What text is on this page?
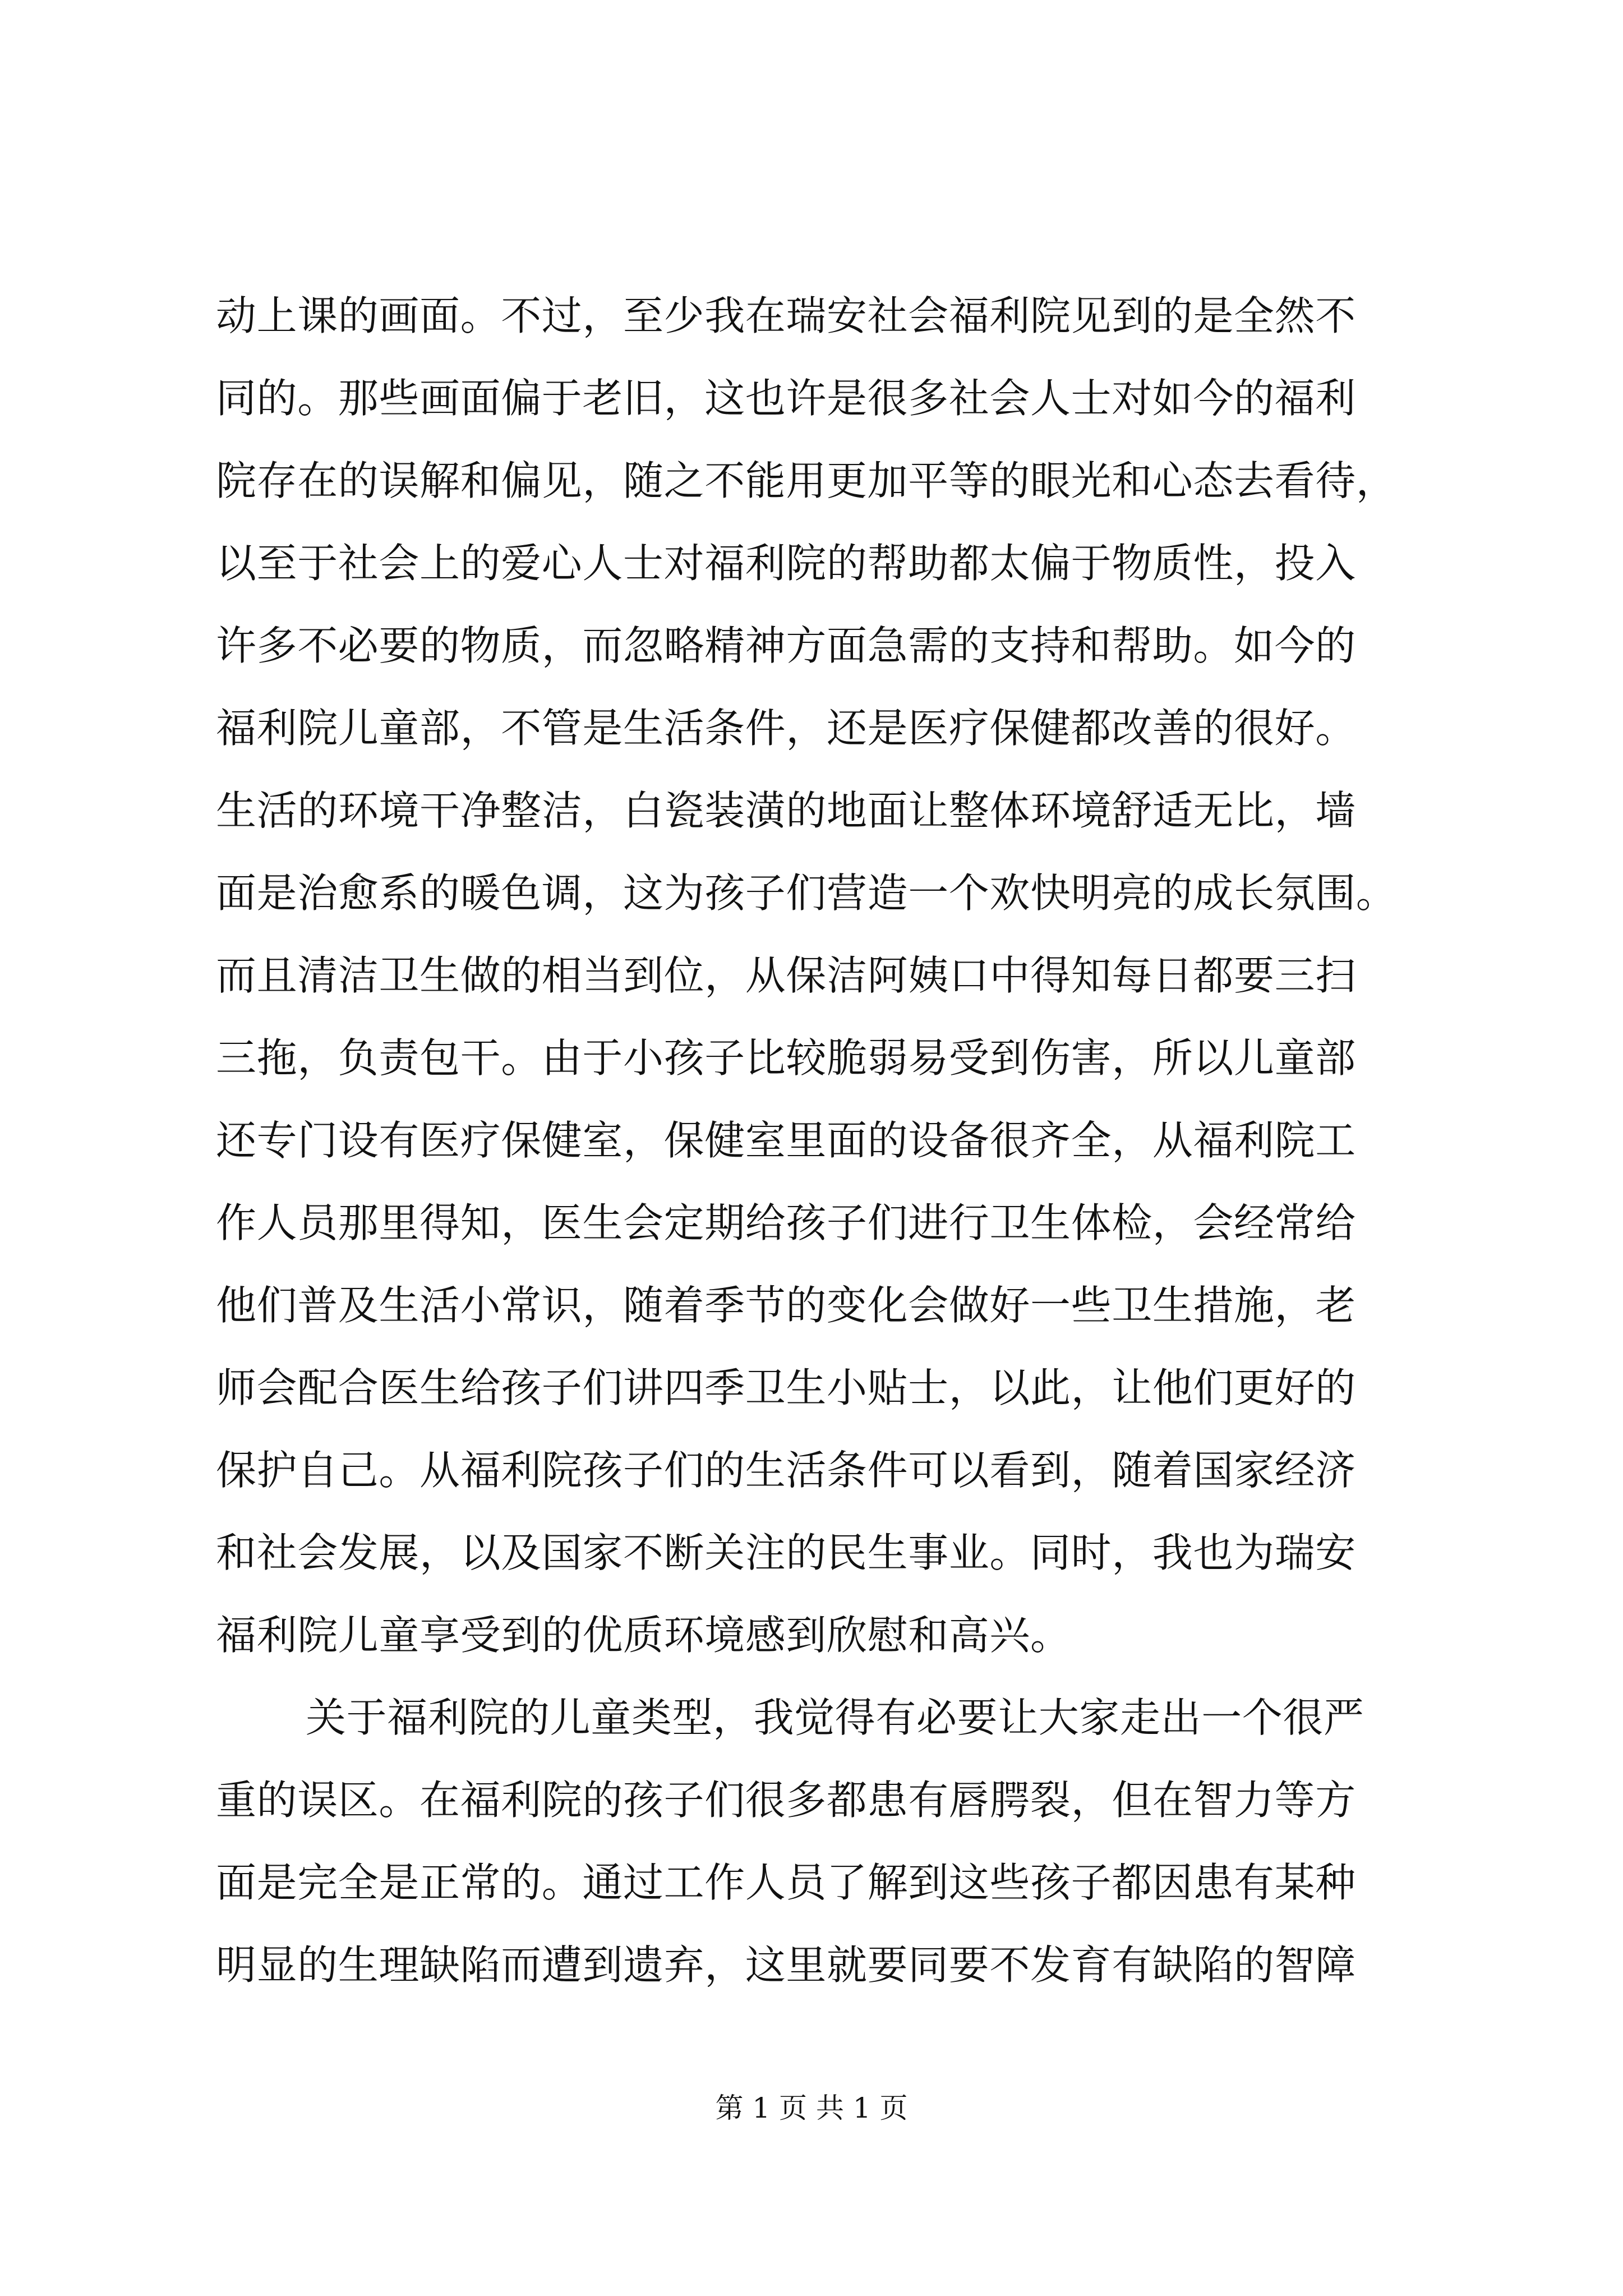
动上课的画面。不过，至少我在瑞安社会福利院见到的是全然不
同的。那些画面偏于老旧，这也许是很多社会人士对如今的福利
院存在的误解和偏见，随之不能用更加平等的眼光和心态去看待，
以至于社会上的爱心人士对福利院的帮助都太偏于物质性，投入
许多不必要的物质，而忽略精神方面急需的支持和帮助。如今的
福利院儿童部，不管是生活条件，还是医疗保健都改善的很好。
生活的环境干净整洁，白瓷装潢的地面让整体环境舒适无比，墙
面是治愈系的暖色调，这为孩子们营造一个欢快明亮的成长氛围。
而且清洁卫生做的相当到位，从保洁阿姨口中得知每日都要三扫
三拖，负责包干。由于小孩子比较脆弱易受到伤害，所以儿童部
还专门设有医疗保健室，保健室里面的设备很齐全，从福利院工
作人员那里得知，医生会定期给孩子们进行卫生体检，会经常给
他们普及生活小常识，随着季节的变化会做好一些卫生措施，老
师会配合医生给孩子们讲四季卫生小贴士，以此，让他们更好的
保护自己。从福利院孩子们的生活条件可以看到，随着国家经济
和社会发展，以及国家不断关注的民生事业。同时，我也为瑞安
福利院儿童享受到的优质环境感到欣慰和高兴。
关于福利院的儿童类型，我觉得有必要让大家走出一个很严
重的误区。在福利院的孩子们很多都患有唇腭裂，但在智力等方
面是完全是正常的。通过工作人员了解到这些孩子都因患有某种
明显的生理缺陷而遭到遗弃，这里就要同要不发育有缺陷的智障
第 1 页 共 1 页
